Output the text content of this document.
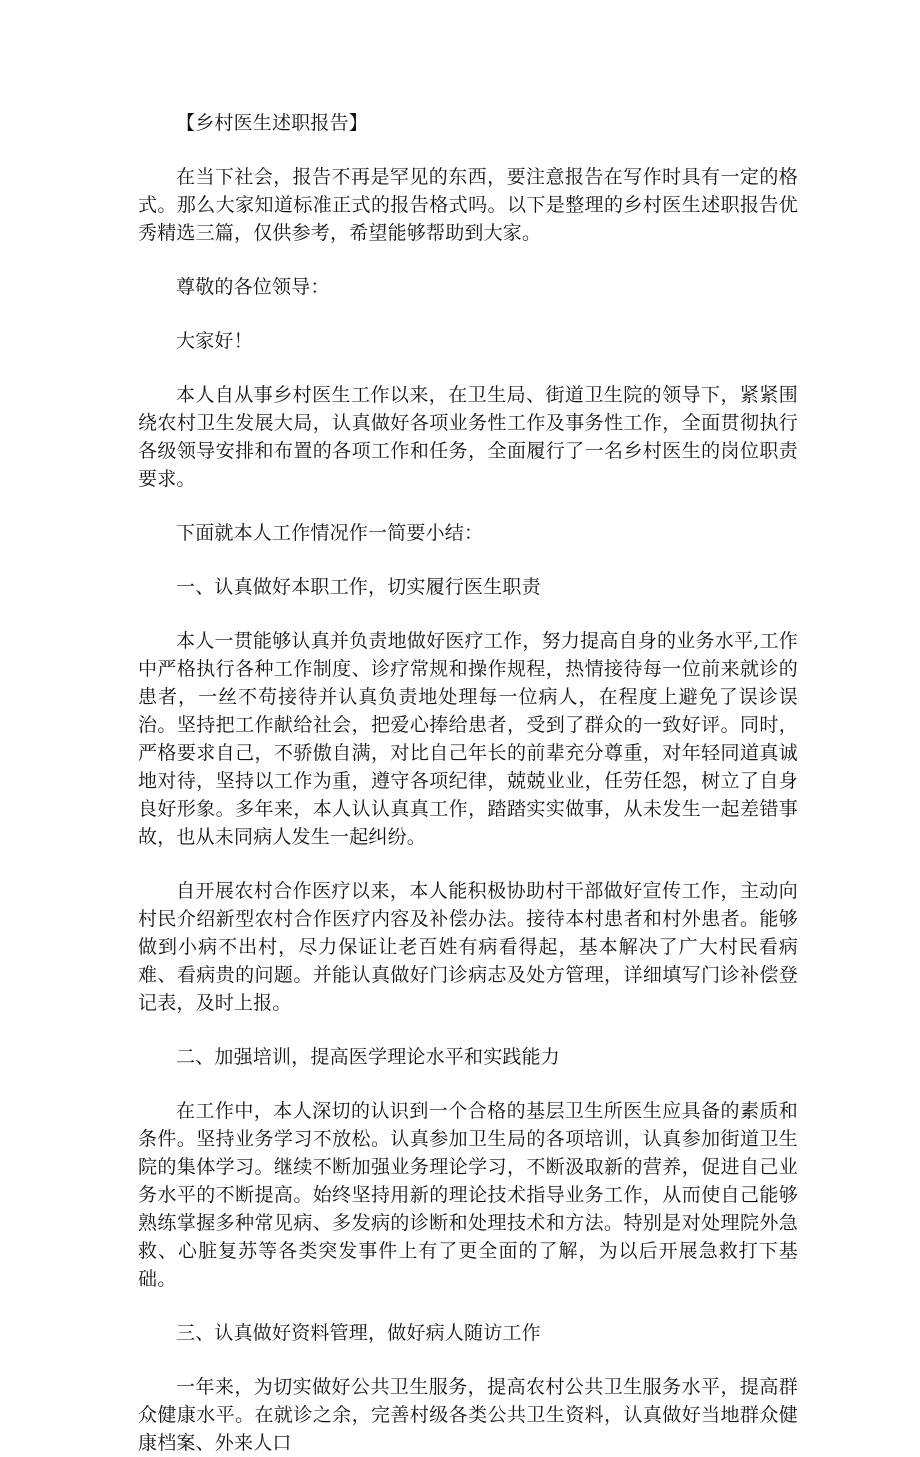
【乡村医生述职报告】

在当下社会，报告不再是罕见的东西，要注意报告在写作时具有一定的格式。那么大家知道标准正式的报告格式吗。以下是整理的乡村医生述职报告优秀精选三篇，仅供参考，希望能够帮助到大家。

尊敬的各位领导：

大家好！

本人自从事乡村医生工作以来，在卫生局、街道卫生院的领导下，紧紧围绕农村卫生发展大局，认真做好各项业务性工作及事务性工作，全面贯彻执行各级领导安排和布置的各项工作和任务，全面履行了一名乡村医生的岗位职责要求。

下面就本人工作情况作一简要小结：

一、认真做好本职工作，切实履行医生职责

本人一贯能够认真并负责地做好医疗工作，努力提高自身的业务水平,工作中严格执行各种工作制度、诊疗常规和操作规程，热情接待每一位前来就诊的患者，一丝不苟接待并认真负责地处理每一位病人，在程度上避免了误诊误治。坚持把工作献给社会，把爱心捧给患者，受到了群众的一致好评。同时，严格要求自己，不骄傲自满，对比自己年长的前辈充分尊重，对年轻同道真诚地对待，坚持以工作为重，遵守各项纪律，兢兢业业，任劳任怨，树立了自身良好形象。多年来，本人认认真真工作，踏踏实实做事，从未发生一起差错事故，也从未同病人发生一起纠纷。

自开展农村合作医疗以来，本人能积极协助村干部做好宣传工作，主动向村民介绍新型农村合作医疗内容及补偿办法。接待本村患者和村外患者。能够做到小病不出村，尽力保证让老百姓有病看得起，基本解决了广大村民看病难、看病贵的问题。并能认真做好门诊病志及处方管理，详细填写门诊补偿登记表，及时上报。

二、加强培训，提高医学理论水平和实践能力

在工作中，本人深切的认识到一个合格的基层卫生所医生应具备的素质和条件。坚持业务学习不放松。认真参加卫生局的各项培训，认真参加街道卫生院的集体学习。继续不断加强业务理论学习，不断汲取新的营养，促进自己业务水平的不断提高。始终坚持用新的理论技术指导业务工作，从而使自己能够熟练掌握多种常见病、多发病的诊断和处理技术和方法。特别是对处理院外急救、心脏复苏等各类突发事件上有了更全面的了解，为以后开展急救打下基础。

三、认真做好资料管理，做好病人随访工作

一年来，为切实做好公共卫生服务，提高农村公共卫生服务水平，提高群众健康水平。在就诊之余，完善村级各类公共卫生资料，认真做好当地群众健康档案、外来人口
